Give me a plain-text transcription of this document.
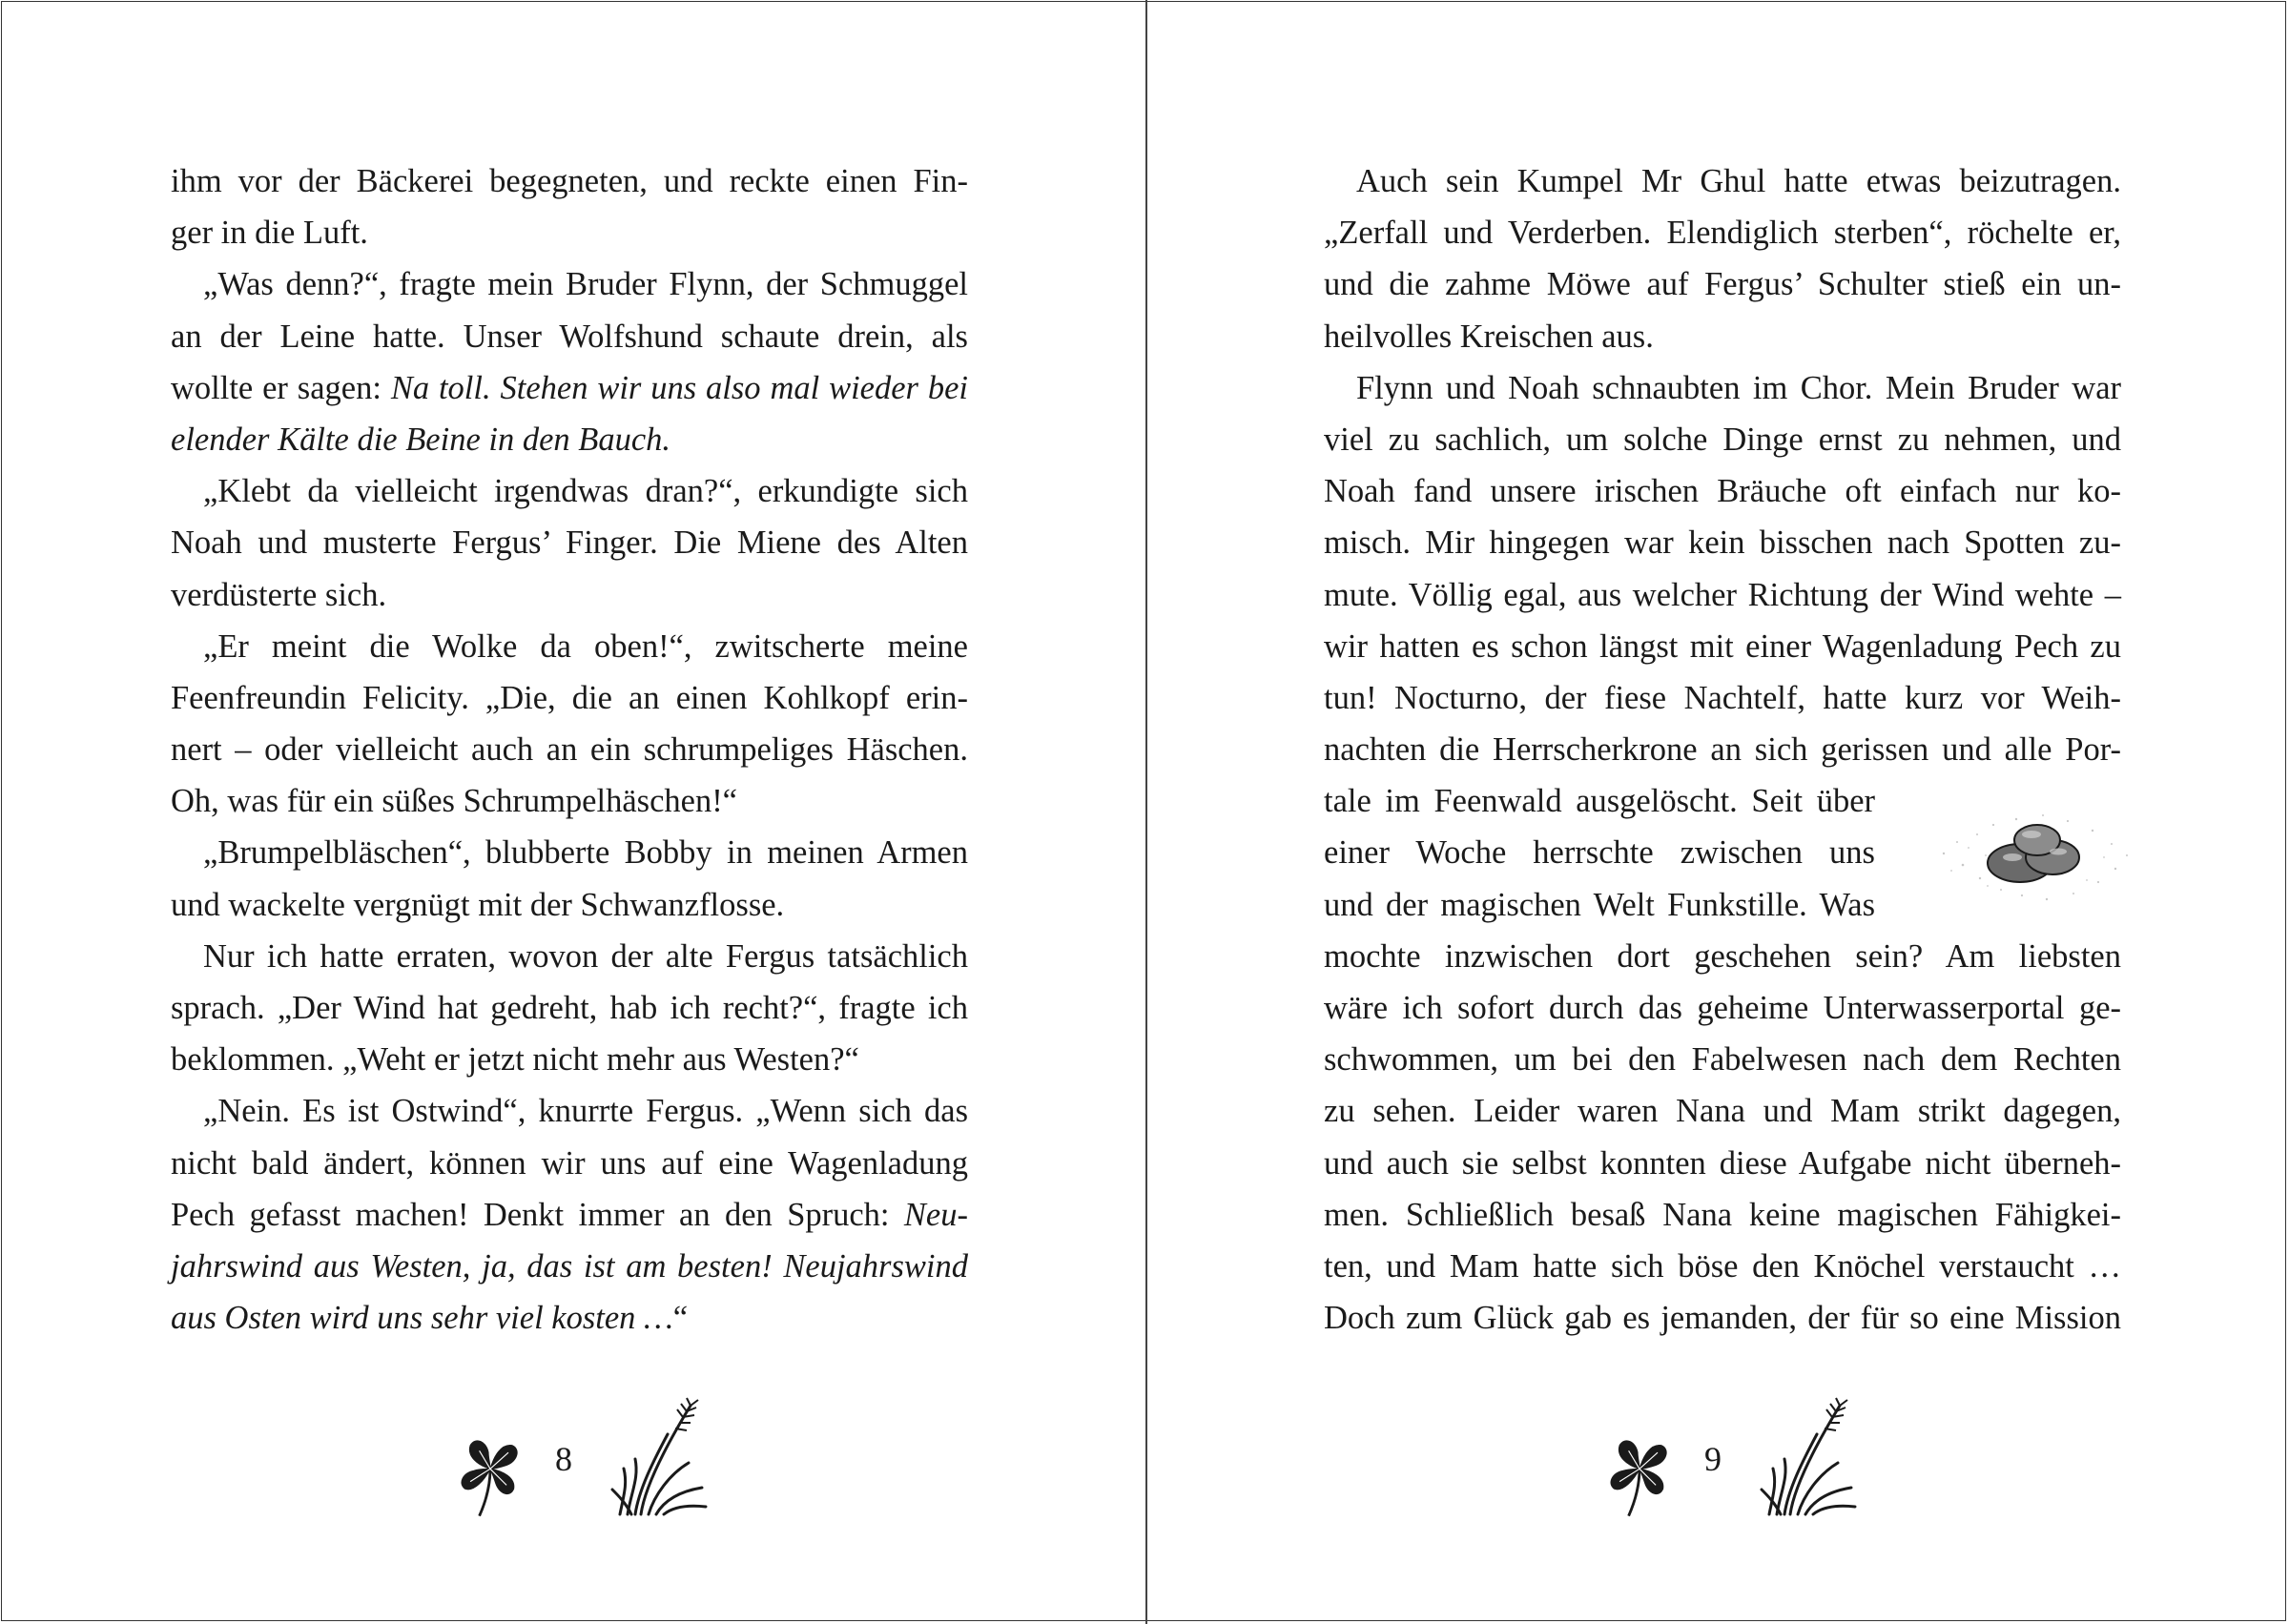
ihm vor der Bäckerei begegneten, und reckte einen Fin-
ger in die Luft.
„Was denn?“, fragte mein Bruder Flynn, der Schmuggel
an der Leine hatte. Unser Wolfshund schaute drein, als
wollte er sagen: Na toll. Stehen wir uns also mal wieder bei
elender Kälte die Beine in den Bauch.
„Klebt da vielleicht irgendwas dran?“, erkundigte sich
Noah und musterte Fergus’ Finger. Die Miene des Alten
verdüsterte sich.
„Er meint die Wolke da oben!“, zwitscherte meine
Feenfreundin Felicity. „Die, die an einen Kohlkopf erin-
nert – oder vielleicht auch an ein schrumpeliges Häschen.
Oh, was für ein süßes Schrumpelhäschen!“
„Brumpelbläschen“, blubberte Bobby in meinen Armen
und wackelte vergnügt mit der Schwanzflosse.
Nur ich hatte erraten, wovon der alte Fergus tatsächlich
sprach. „Der Wind hat gedreht, hab ich recht?“, fragte ich
beklommen. „Weht er jetzt nicht mehr aus Westen?“
„Nein. Es ist Ostwind“, knurrte Fergus. „Wenn sich das
nicht bald ändert, können wir uns auf eine Wagenladung
Pech gefasst machen! Denkt immer an den Spruch: Neu-
jahrswind aus Westen, ja, das ist am besten! Neujahrswind
aus Osten wird uns sehr viel kosten …“
8
Auch sein Kumpel Mr Ghul hatte etwas beizutragen.
„Zerfall und Verderben. Elendiglich sterben“, röchelte er,
und die zahme Möwe auf Fergus’ Schulter stieß ein un-
heilvolles Kreischen aus.
Flynn und Noah schnaubten im Chor. Mein Bruder war
viel zu sachlich, um solche Dinge ernst zu nehmen, und
Noah fand unsere irischen Bräuche oft einfach nur ko-
misch. Mir hingegen war kein bisschen nach Spotten zu-
mute. Völlig egal, aus welcher Richtung der Wind wehte –
wir hatten es schon längst mit einer Wagenladung Pech zu
tun! Nocturno, der fiese Nachtelf, hatte kurz vor Weih-
nachten die Herrscherkrone an sich gerissen und alle Por-
tale im Feenwald ausgelöscht. Seit über
einer Woche herrschte zwischen uns
und der magischen Welt Funkstille. Was
mochte inzwischen dort geschehen sein? Am liebsten
wäre ich sofort durch das geheime Unterwasserportal ge-
schwommen, um bei den Fabelwesen nach dem Rechten
zu sehen. Leider waren Nana und Mam strikt dagegen,
und auch sie selbst konnten diese Aufgabe nicht überneh-
men. Schließlich besaß Nana keine magischen Fähigkei-
ten, und Mam hatte sich böse den Knöchel verstaucht …
Doch zum Glück gab es jemanden, der für so eine Mission
9
